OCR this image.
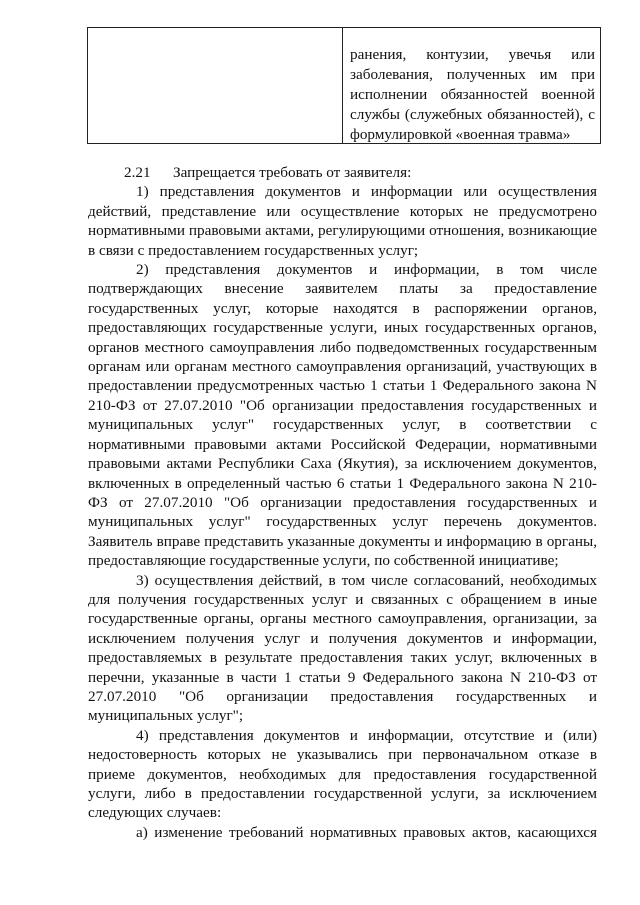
ранения, контузии, увечья или заболевания, полученных им при исполнении обязанностей военной службы (служебных обязанностей), с формулировкой «военная травма»

2.21 Запрещается требовать от заявителя:

1) представления документов и информации или осуществления действий, представление или осуществление которых не предусмотрено нормативными правовыми актами, регулирующими отношения, возникающие в связи с предоставлением государственных услуг;

2) представления документов и информации, в том числе подтверждающих внесение заявителем платы за предоставление государственных услуг, которые находятся в распоряжении органов, предоставляющих государственные услуги, иных государственных органов, органов местного самоуправления либо подведомственных государственным органам или органам местного самоуправления организаций, участвующих в предоставлении предусмотренных частью 1 статьи 1 Федерального закона N 210-ФЗ от 27.07.2010 "Об организации предоставления государственных и муниципальных услуг" государственных услуг, в соответствии с нормативными правовыми актами Российской Федерации, нормативными правовыми актами Республики Саха (Якутия), за исключением документов, включенных в определенный частью 6 статьи 1 Федерального закона N 210-ФЗ от 27.07.2010 "Об организации предоставления государственных и муниципальных услуг" государственных услуг перечень документов. Заявитель вправе представить указанные документы и информацию в органы, предоставляющие государственные услуги, по собственной инициативе;

3) осуществления действий, в том числе согласований, необходимых для получения государственных услуг и связанных с обращением в иные государственные органы, органы местного самоуправления, организации, за исключением получения услуг и получения документов и информации, предоставляемых в результате предоставления таких услуг, включенных в перечни, указанные в части 1 статьи 9 Федерального закона N 210-ФЗ от 27.07.2010 "Об организации предоставления государственных и муниципальных услуг";

4) представления документов и информации, отсутствие и (или) недостоверность которых не указывались при первоначальном отказе в приеме документов, необходимых для предоставления государственной услуги, либо в предоставлении государственной услуги, за исключением следующих случаев:

а) изменение требований нормативных правовых актов, касающихся
